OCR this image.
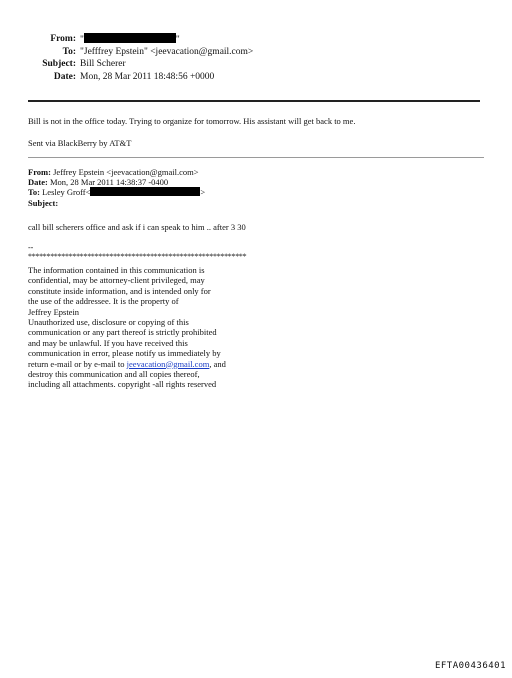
From: "	"
To: "Jefffrey Epstein" <jeevacation@gmail.com>
Subject: Bill Scherer
Date: Mon, 28 Mar 2011 18:48:56 +0000
Bill is not in the office today. Trying to organize for tomorrow. His assistant will get back to me.
Sent via BlackBerry by AT&T
From: Jeffrey Epstein <jeevacation@gmail.com>
Date: Mon, 28 Mar 2011 14:38:37 -0400
To: Lesley Groff<	>
Subject:
call bill scherers office and ask if i can speak to him .. after 3 30
--
***********************************************************
The information contained in this communication is
confidential, may be attorney-client privileged, may
constitute inside information, and is intended only for
the use of the addressee. It is the property of
Jeffrey Epstein
Unauthorized use, disclosure or copying of this
communication or any part thereof is strictly prohibited
and may be unlawful. If you have received this
communication in error, please notify us immediately by
return e-mail or by e-mail to jeevacation@gmail.com, and
destroy this communication and all copies thereof,
including all attachments. copyright -all rights reserved
EFTA00436401
